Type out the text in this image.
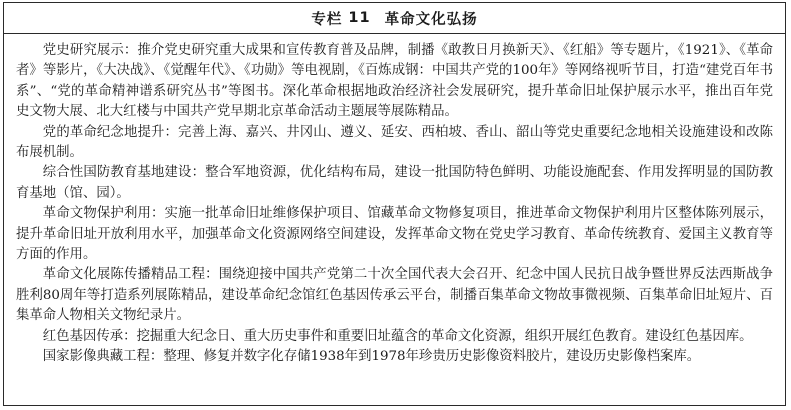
专栏 11 革命文化弘扬

党史研究展示：推介党史研究重大成果和宣传教育普及品牌，制播《敢教日月换新天》、《红船》等专题片，《1921》、《革命者》等影片，《大决战》、《觉醒年代》、《功勋》等电视剧，《百炼成钢：中国共产党的100年》等网络视听节目，打造“建党百年书系”、“党的革命精神谱系研究丛书”等图书。深化革命根据地政治经济社会发展研究，提升革命旧址保护展示水平，推出百年党史文物大展、北大红楼与中国共产党早期北京革命活动主题展等展陈精品。

党的革命纪念地提升：完善上海、嘉兴、井冈山、遵义、延安、西柏坡、香山、韶山等党史重要纪念地相关设施建设和改陈布展机制。

综合性国防教育基地建设：整合军地资源，优化结构布局，建设一批国防特色鲜明、功能设施配套、作用发挥明显的国防教育基地（馆、园）。

革命文物保护利用：实施一批革命旧址维修保护项目、馆藏革命文物修复项目，推进革命文物保护利用片区整体陈列展示，提升革命旧址开放利用水平，加强革命文化资源网络空间建设，发挥革命文物在党史学习教育、革命传统教育、爱国主义教育等方面的作用。

革命文化展陈传播精品工程：围绕迎接中国共产党第二十次全国代表大会召开、纪念中国人民抗日战争暨世界反法西斯战争胜利80周年等打造系列展陈精品，建设革命纪念馆红色基因传承云平台，制播百集革命文物故事微视频、百集革命旧址短片、百集革命人物相关文物纪录片。

红色基因传承：挖掘重大纪念日、重大历史事件和重要旧址蕴含的革命文化资源，组织开展红色教育。建设红色基因库。

国家影像典藏工程：整理、修复并数字化存储1938年到1978年珍贵历史影像资料胶片，建设历史影像档案库。
